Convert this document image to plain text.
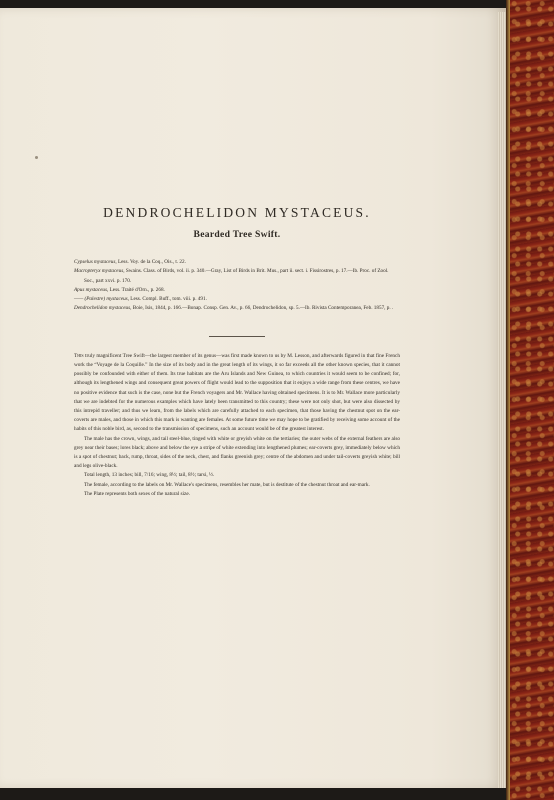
DENDROCHELIDON MYSTACEUS.
Bearded Tree Swift.

Cypselus mystaceus, Less. Voy. de la Coq., Ois., t. 22.

Macropteryx mystaceus, Swains. Class. of Birds, vol. ii. p. 340.—Gray, List of Birds in Brit. Mus., part ii. sect. i. Fissirostres, p. 17.—Ib. Proc. of Zool. Soc., part xxvi. p. 170.

Apus mystaceus, Less. Traité d'Orn., p. 268.

—— (Palestre) mystaceus, Less. Compl. Buff., tom. viii. p. 491.

Dendrochelidon mystaceus, Boie, Isis, 1844, p. 166.—Bonap. Consp. Gen. Av., p. 66, Dendrochelidon, sp. 5.—Ib. Rivista Contemporanea, Feb. 1857, p. .

This truly magnificent Tree Swift—the largest member of its genus—was first made known to us by M. Lesson, and afterwards figured in that fine French work the “Voyage de la Coquille.” In the size of its body and in the great length of its wings, it so far exceeds all the other known species, that it cannot possibly be confounded with either of them. Its true habitats are the Aru Islands and New Guinea, to which countries it would seem to be confined; for, although its lengthened wings and consequent great powers of flight would lead to the supposition that it enjoys a wide range from these centres, we have no positive evidence that such is the case, none but the French voyagers and Mr. Wallace having obtained specimens. It is to Mr. Wallace more particularly that we are indebted for the numerous examples which have lately been transmitted to this country; these were not only shot, but were also dissected by this intrepid traveller; and thus we learn, from the labels which are carefully attached to each specimen, that those having the chestnut spot on the ear-coverts are males, and those in which this mark is wanting are females. At some future time we may hope to be gratified by receiving some account of the habits of this noble bird, as, second to the transmission of specimens, such an account would be of the greatest interest.

The male has the crown, wings, and tail steel-blue, tinged with white or greyish white on the tertiaries; the outer webs of the external feathers are also grey near their bases; lores black; above and below the eye a stripe of white extending into lengthened plumes; ear-coverts grey, immediately below which is a spot of chestnut; back, rump, throat, sides of the neck, chest, and flanks greenish grey; centre of the abdomen and under tail-coverts greyish white; bill and legs olive-black.

Total length, 13 inches; bill, 7/16; wing, 8½; tail, 8½; tarsi, ½.

The female, according to the labels on Mr. Wallace's specimens, resembles her mate, but is destitute of the chestnut throat and ear-mark.

The Plate represents both sexes of the natural size.
